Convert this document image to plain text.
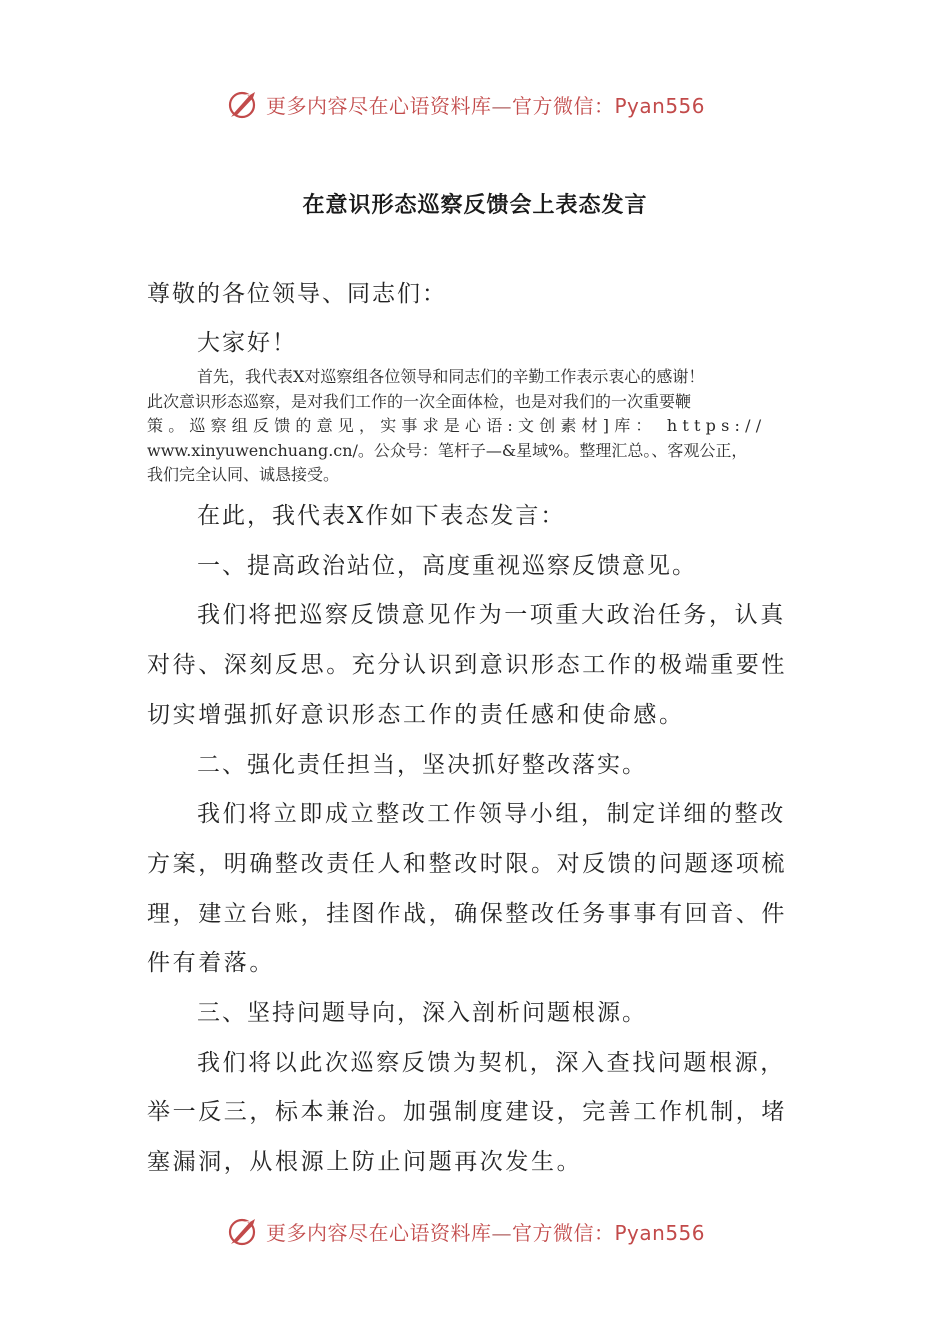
更多内容尽在心语资料库—官方微信：Pyan556
在意识形态巡察反馈会上表态发言
尊敬的各位领导、同志们：
大家好！
首先，我代表X对巡察组各位领导和同志们的辛勤工作表示衷心的感谢！
此次意识形态巡察，是对我们工作的一次全面体检，也是对我们的一次重要鞭
策。巡察组反馈的意见，实事求是心语:文创素材]库： https://
www.xinyuwenchuang.cn/。公众号：笔杆子—&星域%。整理汇总。、客观公正，
我们完全认同、诚恳接受。
在此，我代表X作如下表态发言：
一、提高政治站位，高度重视巡察反馈意见。
我们将把巡察反馈意见作为一项重大政治任务，认真
对待、深刻反思。充分认识到意识形态工作的极端重要性
切实增强抓好意识形态工作的责任感和使命感。
二、强化责任担当，坚决抓好整改落实。
我们将立即成立整改工作领导小组，制定详细的整改
方案，明确整改责任人和整改时限。对反馈的问题逐项梳
理，建立台账，挂图作战，确保整改任务事事有回音、件
件有着落。
三、坚持问题导向，深入剖析问题根源。
我们将以此次巡察反馈为契机，深入查找问题根源，
举一反三，标本兼治。加强制度建设，完善工作机制，堵
塞漏洞，从根源上防止问题再次发生。
更多内容尽在心语资料库—官方微信：Pyan556
